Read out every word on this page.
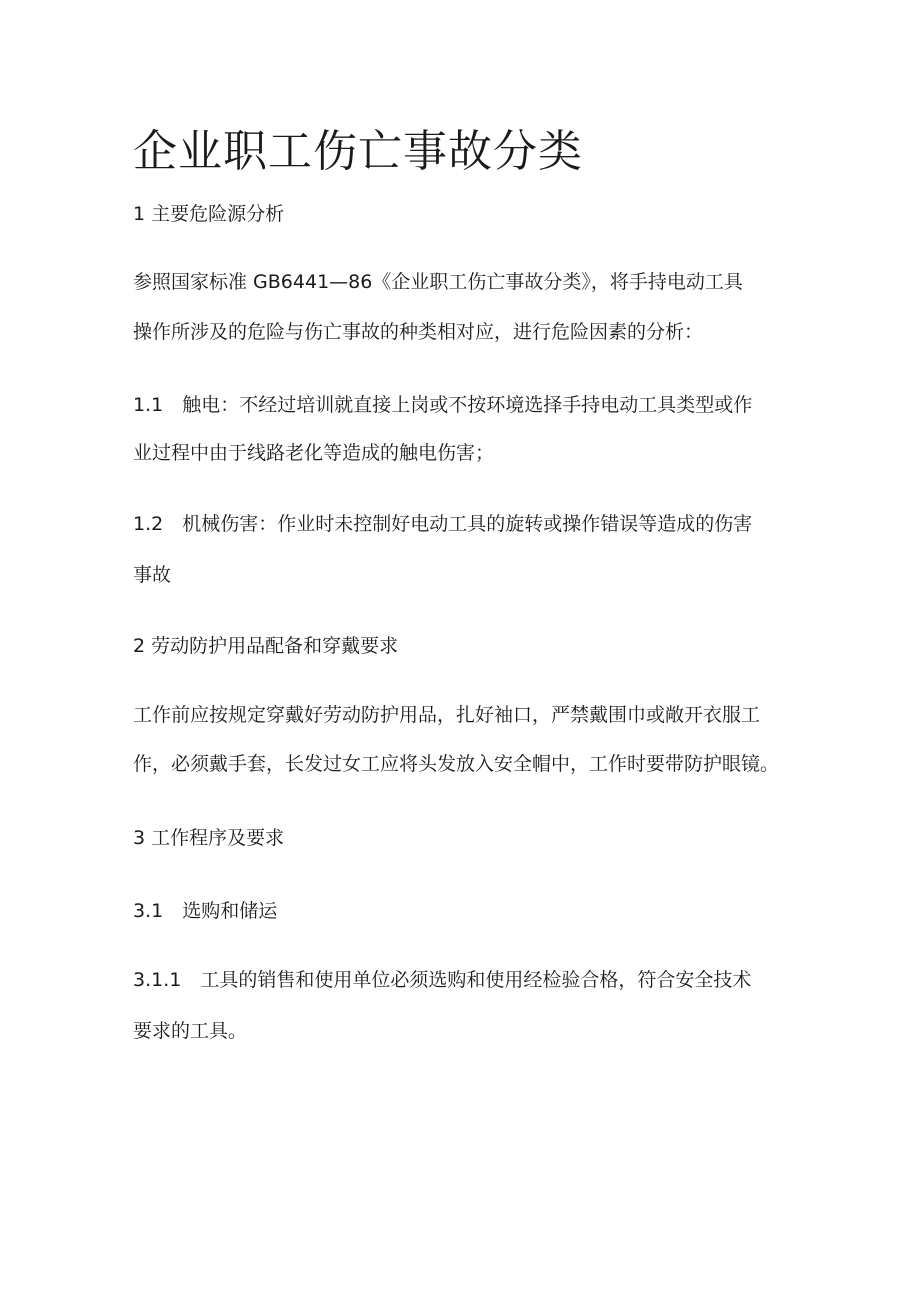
企业职工伤亡事故分类

1 主要危险源分析

参照国家标准 GB6441—86《企业职工伤亡事故分类》，将手持电动工具

操作所涉及的危险与伤亡事故的种类相对应，进行危险因素的分析：

1.1　触电：不经过培训就直接上岗或不按环境选择手持电动工具类型或作

业过程中由于线路老化等造成的触电伤害；

1.2　机械伤害：作业时未控制好电动工具的旋转或操作错误等造成的伤害

事故

2 劳动防护用品配备和穿戴要求

工作前应按规定穿戴好劳动防护用品，扎好袖口，严禁戴围巾或敞开衣服工

作，必须戴手套，长发过女工应将头发放入安全帽中，工作时要带防护眼镜。

3 工作程序及要求

3.1　选购和储运

3.1.1　工具的销售和使用单位必须选购和使用经检验合格，符合安全技术

要求的工具。
